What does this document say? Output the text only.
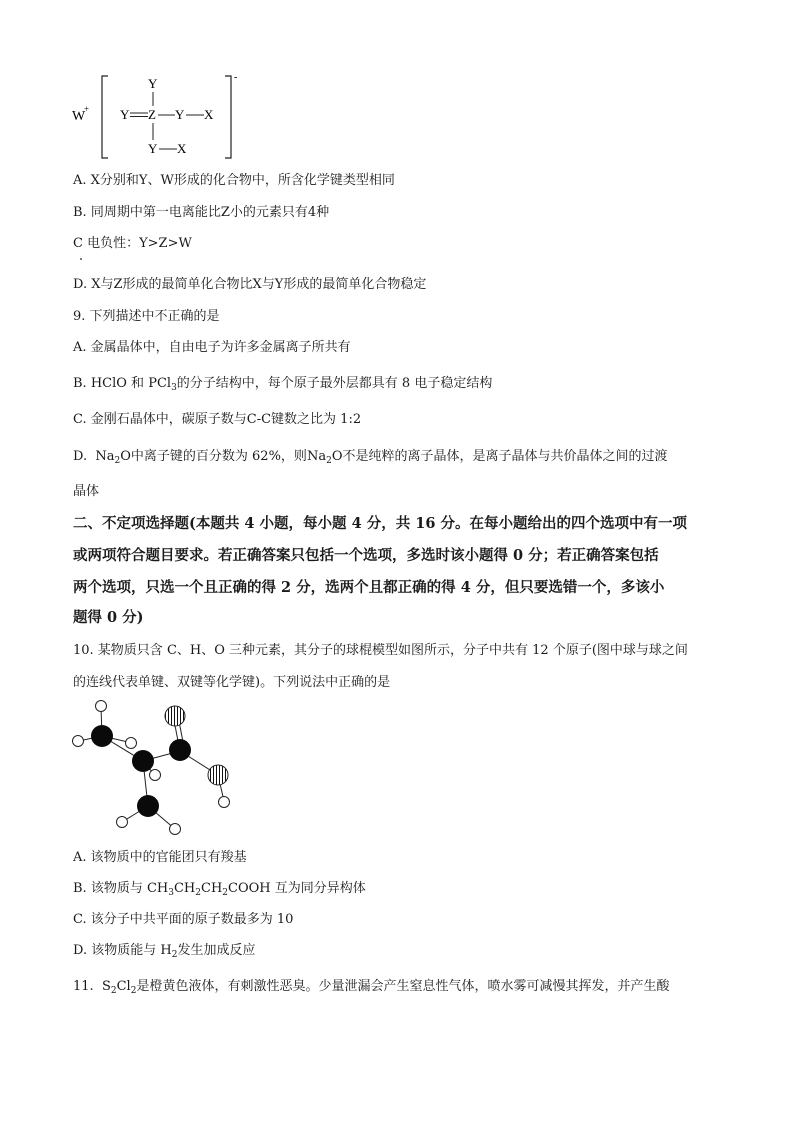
W
+
-
Y
Y Z Y X
Y X
A. X分别和Y、W形成的化合物中，所含化学键类型相同
B. 同周期中第一电离能比Z小的元素只有4种
C 电负性：Y>Z>W
D. X与Z形成的最简单化合物比X与Y形成的最简单化合物稳定
9. 下列描述中不正确的是
A. 金属晶体中，自由电子为许多金属离子所共有
B. HClO 和 PCl$_3$的分子结构中，每个原子最外层都具有 8 电子稳定结构
C. 金刚石晶体中，碳原子数与C-C键数之比为 1:2
D. $Na_2O$中离子键的百分数为 62%，则$Na_2O$不是纯粹的离子晶体，是离子晶体与共价晶体之间的过渡
晶体
二、不定项选择题(本题共 4 小题，每小题 4 分，共 16 分。在每小题给出的四个选项中有一项
或两项符合题目要求。若正确答案只包括一个选项，多选时该小题得 0 分；若正确答案包括
两个选项，只选一个且正确的得 2 分，选两个且都正确的得 4 分，但只要选错一个，多该小
题得 0 分)
10. 某物质只含 C、H、O 三种元素，其分子的球棍模型如图所示，分子中共有 12 个原子(图中球与球之间
的连线代表单键、双键等化学键)。下列说法中正确的是
A. 该物质中的官能团只有羧基
B. 该物质与 $CH_3CH_2CH_2COOH$ 互为同分异构体
C. 该分子中共平面的原子数最多为 10
D. 该物质能与 $H_2$发生加成反应
11. $S_2Cl_2$是橙黄色液体，有刺激性恶臭。少量泄漏会产生窒息性气体，喷水雾可减慢其挥发，并产生酸
